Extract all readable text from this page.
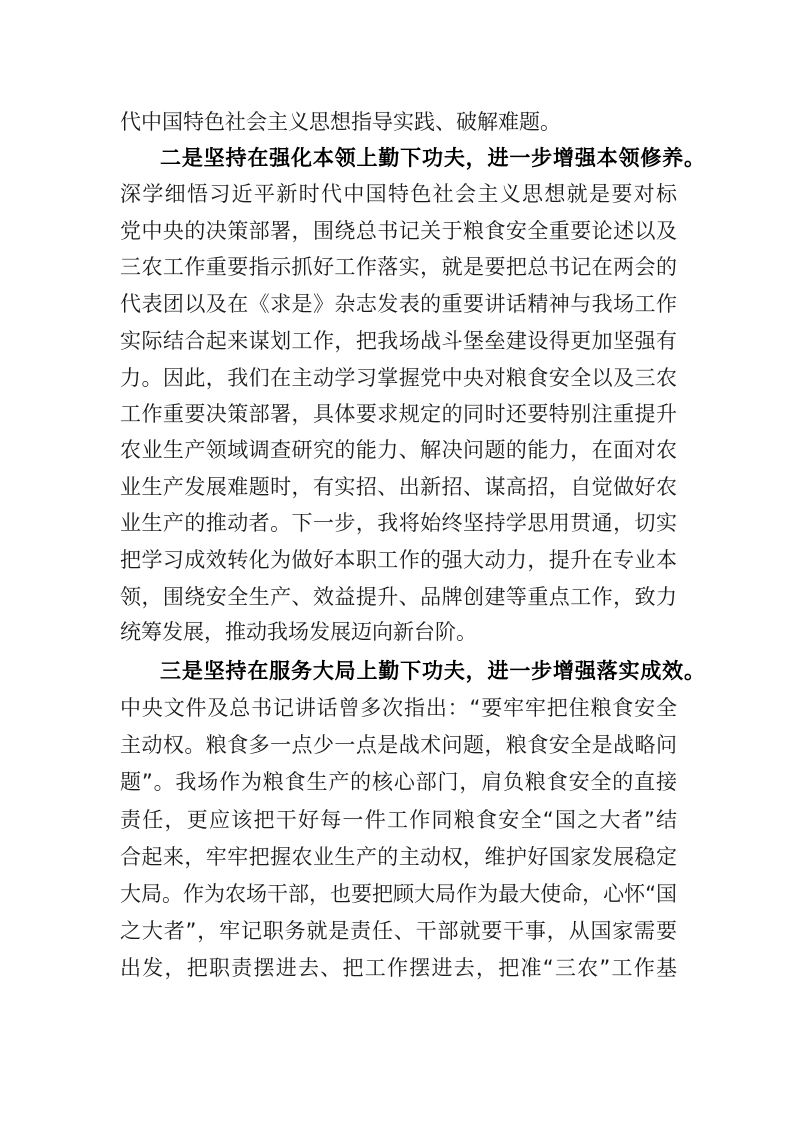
代中国特色社会主义思想指导实践、破解难题。
二是坚持在强化本领上勤下功夫，进一步增强本领修养。
深学细悟习近平新时代中国特色社会主义思想就是要对标
党中央的决策部署，围绕总书记关于粮食安全重要论述以及
三农工作重要指示抓好工作落实，就是要把总书记在两会的
代表团以及在《求是》杂志发表的重要讲话精神与我场工作
实际结合起来谋划工作，把我场战斗堡垒建设得更加坚强有
力。因此，我们在主动学习掌握党中央对粮食安全以及三农
工作重要决策部署，具体要求规定的同时还要特别注重提升
农业生产领域调查研究的能力、解决问题的能力，在面对农
业生产发展难题时，有实招、出新招、谋高招，自觉做好农
业生产的推动者。下一步，我将始终坚持学思用贯通，切实
把学习成效转化为做好本职工作的强大动力，提升在专业本
领，围绕安全生产、效益提升、品牌创建等重点工作，致力
统筹发展，推动我场发展迈向新台阶。
三是坚持在服务大局上勤下功夫，进一步增强落实成效。
中央文件及总书记讲话曾多次指出：“要牢牢把住粮食安全
主动权。粮食多一点少一点是战术问题，粮食安全是战略问
题”。我场作为粮食生产的核心部门，肩负粮食安全的直接
责任，更应该把干好每一件工作同粮食安全“国之大者”结
合起来，牢牢把握农业生产的主动权，维护好国家发展稳定
大局。作为农场干部，也要把顾大局作为最大使命，心怀“国
之大者”，牢记职务就是责任、干部就要干事，从国家需要
出发，把职责摆进去、把工作摆进去，把准“三农”工作基
